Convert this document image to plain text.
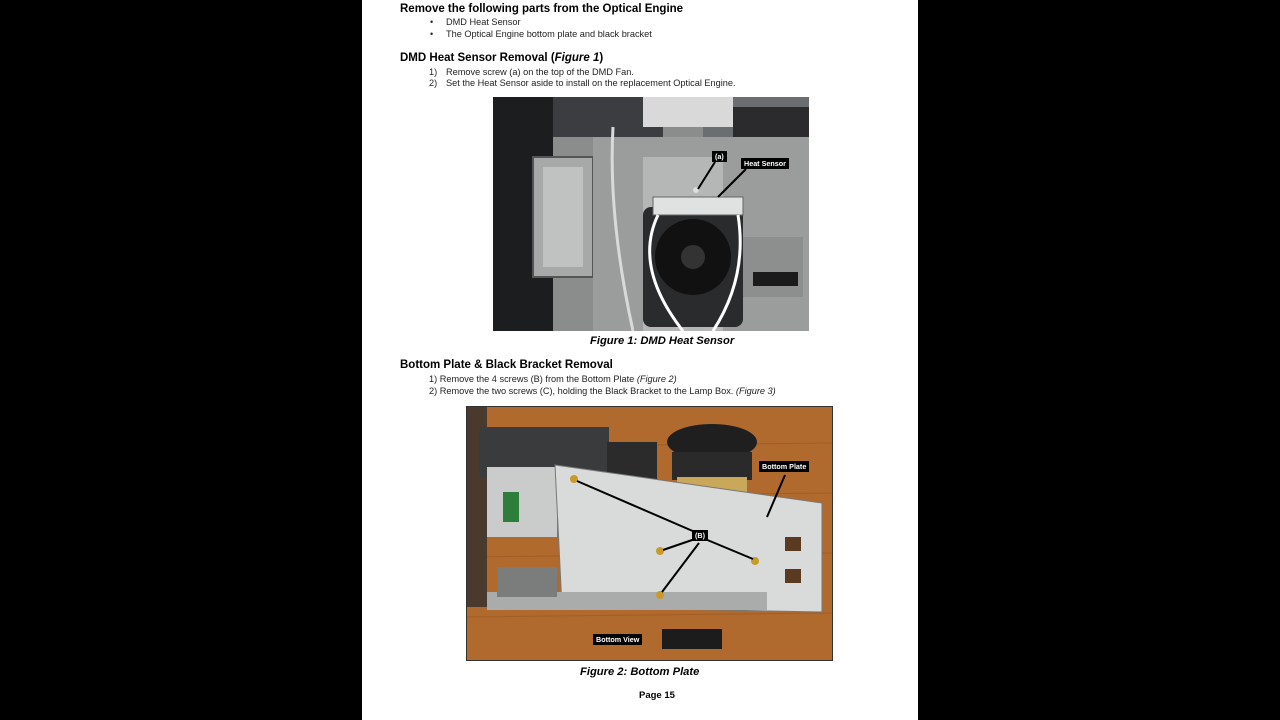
Remove the following parts from the Optical Engine
• DMD Heat Sensor
• The Optical Engine bottom plate and black bracket
DMD Heat Sensor Removal (Figure 1)
1) Remove screw (a) on the top of the DMD Fan.
2) Set the Heat Sensor aside to install on the replacement Optical Engine.
(a)
Heat Sensor
Figure 1: DMD Heat Sensor
Bottom Plate & Black Bracket Removal
1) Remove the 4 screws (B) from the Bottom Plate (Figure 2)
2) Remove the two screws (C), holding the Black Bracket to the Lamp Box. (Figure 3)
Bottom Plate
(B)
Bottom View
Figure 2: Bottom Plate
Page 15
